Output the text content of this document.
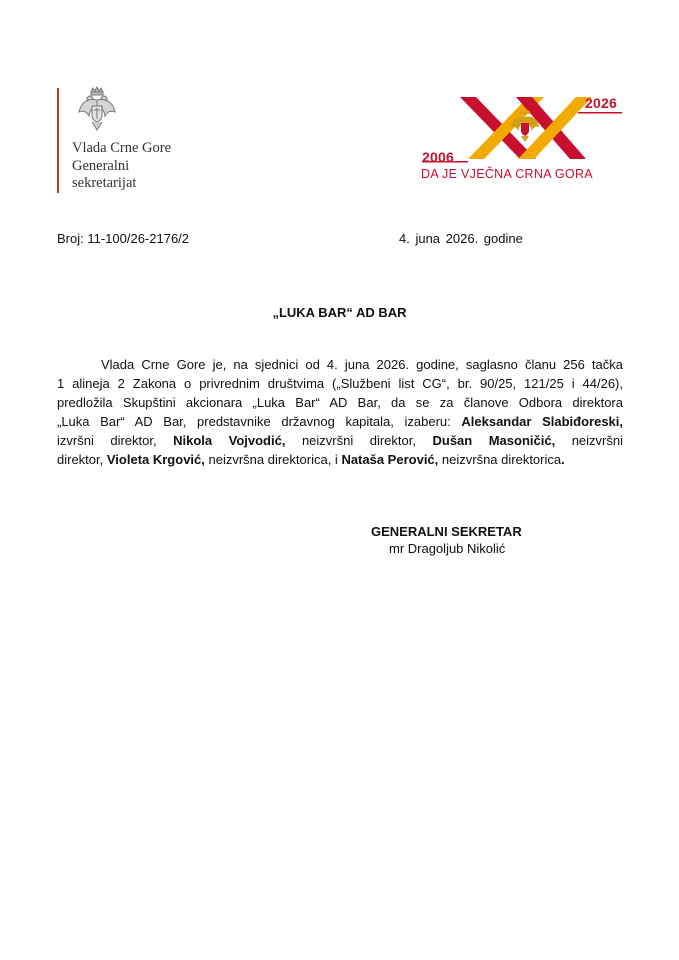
Vlada Crne Gore
Generalni
sekretarijat
2006
2026
DA JE VJEČNA CRNA GORA
Broj: 11-100/26-2176/2	4. juna 2026. godine
„LUKA BAR“ AD BAR
Vlada Crne Gore je, na sjednici od 4. juna 2026. godine, saglasno članu 256 tačka
1 alineja 2 Zakona o privrednim društvima („Službeni list CG“, br. 90/25, 121/25 i 44/26),
predložila Skupštini akcionara „Luka Bar“ AD Bar, da se za članove Odbora direktora
„Luka Bar“ AD Bar, predstavnike državnog kapitala, izaberu: Aleksandar Slabiđoreski,
izvršni direktor, Nikola Vojvodić, neizvršni direktor, Dušan Masoničić, neizvršni
direktor, Violeta Krgović, neizvršna direktorica, i Nataša Perović, neizvršna direktorica.
GENERALNI SEKRETAR
mr Dragoljub Nikolić
